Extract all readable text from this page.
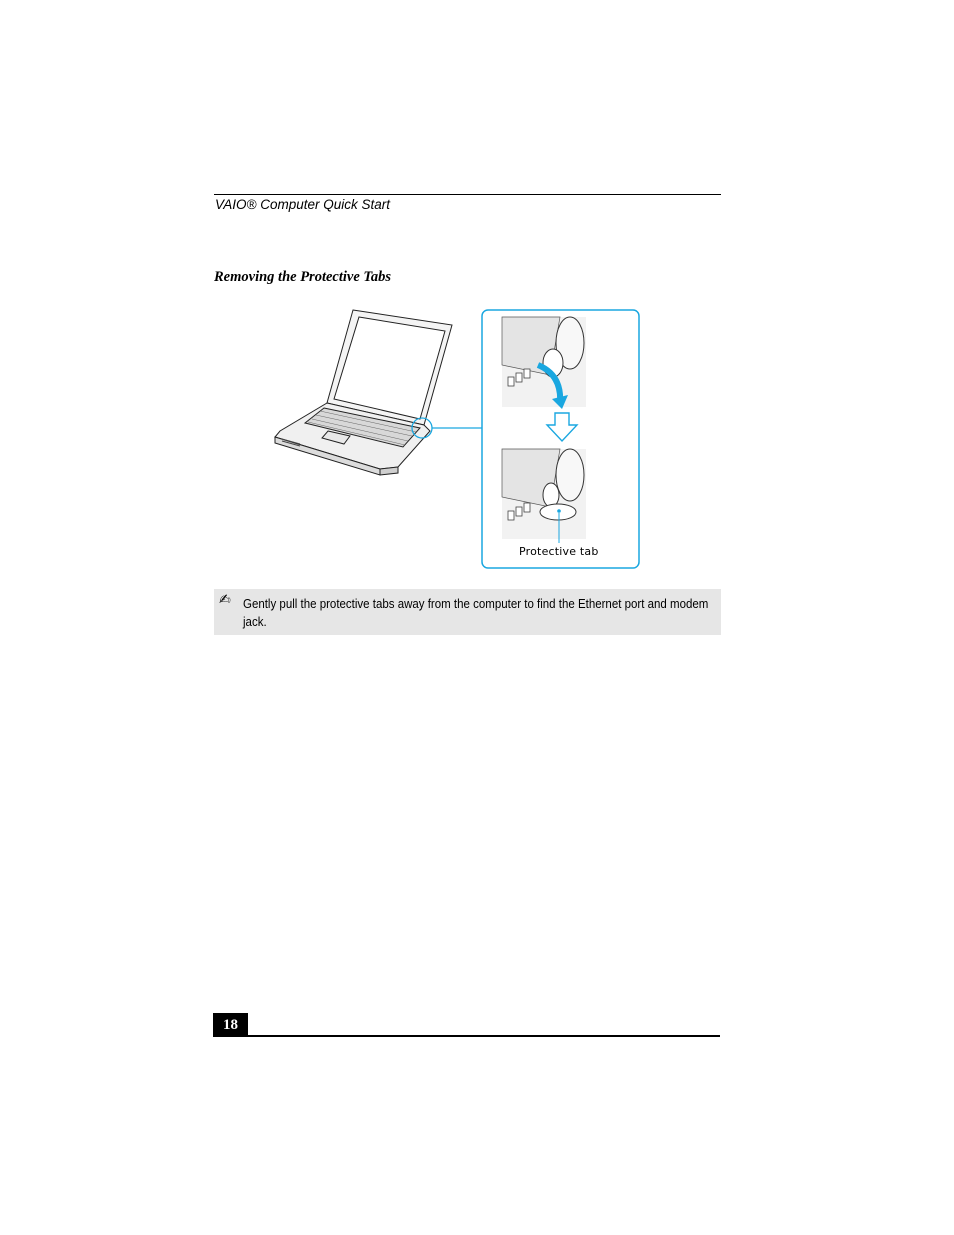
VAIO® Computer Quick Start
Removing the Protective Tabs
Protective tab
✍ Gently pull the protective tabs away from the computer to find the Ethernet port and modem jack.
18
